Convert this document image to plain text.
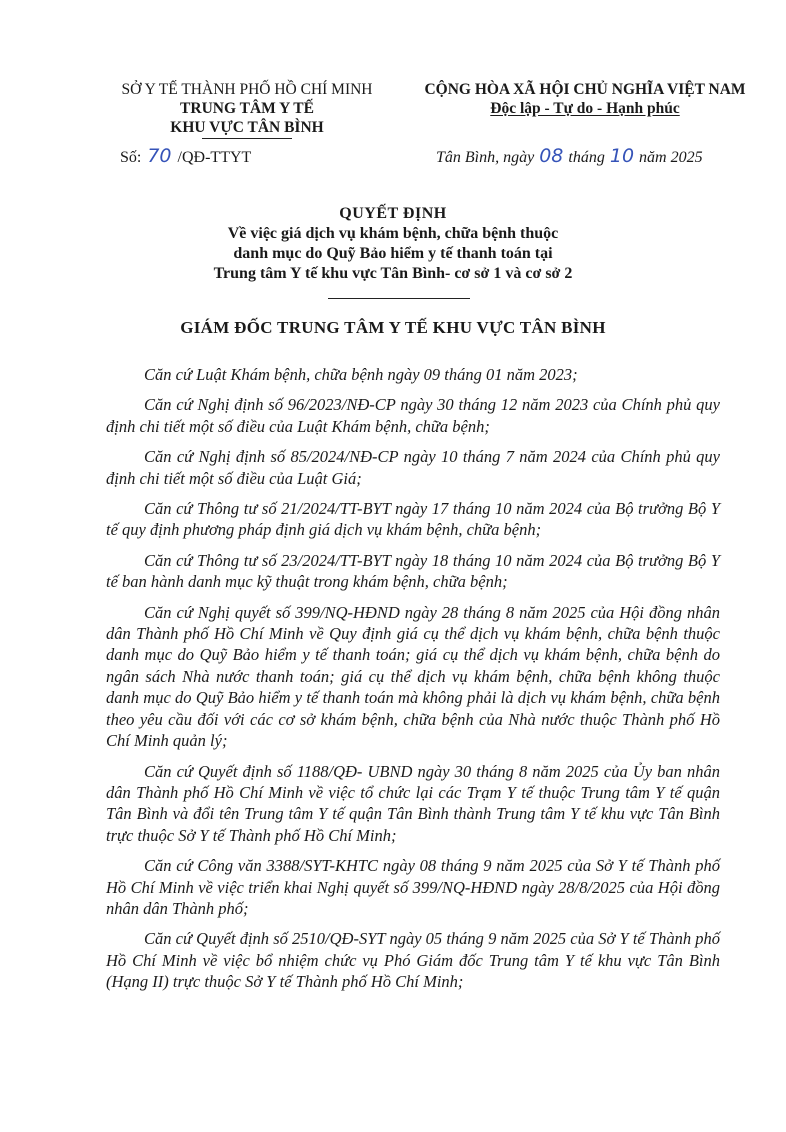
SỞ Y TẾ THÀNH PHỐ HỒ CHÍ MINH
TRUNG TÂM Y TẾ
KHU VỰC TÂN BÌNH
CỘNG HÒA XÃ HỘI CHỦ NGHĨA VIỆT NAM
Độc lập - Tự do - Hạnh phúc
Số: 70 /QĐ-TTYT	Tân Bình, ngày 08 tháng 10 năm 2025
QUYẾT ĐỊNH
Về việc giá dịch vụ khám bệnh, chữa bệnh thuộc
danh mục do Quỹ Bảo hiểm y tế thanh toán tại
Trung tâm Y tế khu vực Tân Bình- cơ sở 1 và cơ sở 2
GIÁM ĐỐC TRUNG TÂM Y TẾ KHU VỰC TÂN BÌNH
Căn cứ Luật Khám bệnh, chữa bệnh ngày 09 tháng 01 năm 2023;
Căn cứ Nghị định số 96/2023/NĐ-CP ngày 30 tháng 12 năm 2023 của Chính phủ quy định chi tiết một số điều của Luật Khám bệnh, chữa bệnh;
Căn cứ Nghị định số 85/2024/NĐ-CP ngày 10 tháng 7 năm 2024 của Chính phủ quy định chi tiết một số điều của Luật Giá;
Căn cứ Thông tư số 21/2024/TT-BYT ngày 17 tháng 10 năm 2024 của Bộ trưởng Bộ Y tế quy định phương pháp định giá dịch vụ khám bệnh, chữa bệnh;
Căn cứ Thông tư số 23/2024/TT-BYT ngày 18 tháng 10 năm 2024 của Bộ trưởng Bộ Y tế ban hành danh mục kỹ thuật trong khám bệnh, chữa bệnh;
Căn cứ Nghị quyết số 399/NQ-HĐND ngày 28 tháng 8 năm 2025 của Hội đồng nhân dân Thành phố Hồ Chí Minh về Quy định giá cụ thể dịch vụ khám bệnh, chữa bệnh thuộc danh mục do Quỹ Bảo hiểm y tế thanh toán; giá cụ thể dịch vụ khám bệnh, chữa bệnh do ngân sách Nhà nước thanh toán; giá cụ thể dịch vụ khám bệnh, chữa bệnh không thuộc danh mục do Quỹ Bảo hiểm y tế thanh toán mà không phải là dịch vụ khám bệnh, chữa bệnh theo yêu cầu đối với các cơ sở khám bệnh, chữa bệnh của Nhà nước thuộc Thành phố Hồ Chí Minh quản lý;
Căn cứ Quyết định số 1188/QĐ- UBND ngày 30 tháng 8 năm 2025 của Ủy ban nhân dân Thành phố Hồ Chí Minh về việc tổ chức lại các Trạm Y tế thuộc Trung tâm Y tế quận Tân Bình và đổi tên Trung tâm Y tế quận Tân Bình thành Trung tâm Y tế khu vực Tân Bình trực thuộc Sở Y tế Thành phố Hồ Chí Minh;
Căn cứ Công văn 3388/SYT-KHTC ngày 08 tháng 9 năm 2025 của Sở Y tế Thành phố Hồ Chí Minh về việc triển khai Nghị quyết số 399/NQ-HĐND ngày 28/8/2025 của Hội đồng nhân dân Thành phố;
Căn cứ Quyết định số 2510/QĐ-SYT ngày 05 tháng 9 năm 2025 của Sở Y tế Thành phố Hồ Chí Minh về việc bổ nhiệm chức vụ Phó Giám đốc Trung tâm Y tế khu vực Tân Bình (Hạng II) trực thuộc Sở Y tế Thành phố Hồ Chí Minh;
